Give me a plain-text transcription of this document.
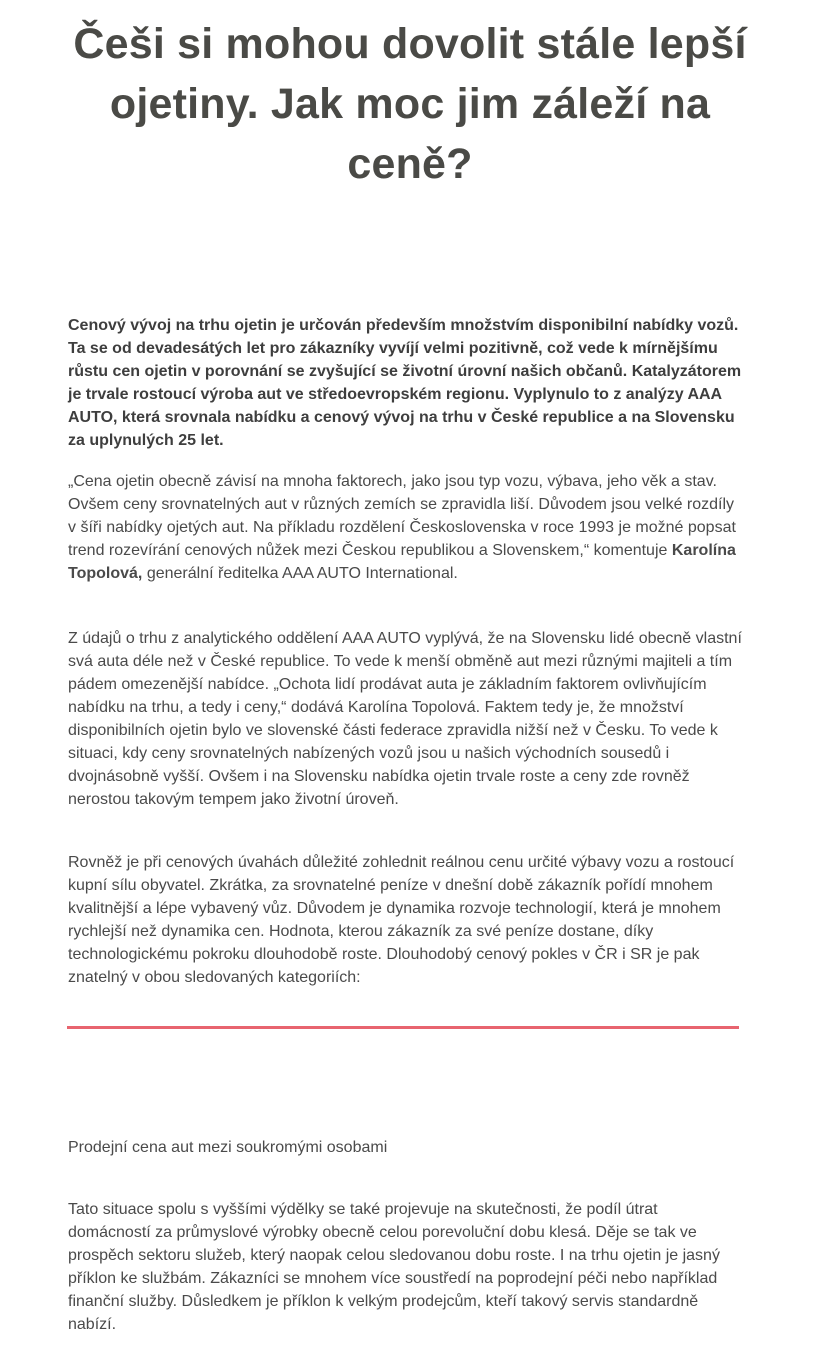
Češi si mohou dovolit stále lepší ojetiny. Jak moc jim záleží na ceně?

Cenový vývoj na trhu ojetin je určován především množstvím disponibilní nabídky vozů. Ta se od devadesátých let pro zákazníky vyvíjí velmi pozitivně, což vede k mírnějšímu růstu cen ojetin v porovnání se zvyšující se životní úrovní našich občanů. Katalyzátorem je trvale rostoucí výroba aut ve středoevropském regionu. Vyplynulo to z analýzy AAA AUTO, která srovnala nabídku a cenový vývoj na trhu v České republice a na Slovensku za uplynulých 25 let.

„Cena ojetin obecně závisí na mnoha faktorech, jako jsou typ vozu, výbava, jeho věk a stav. Ovšem ceny srovnatelných aut v různých zemích se zpravidla liší. Důvodem jsou velké rozdíly v šíři nabídky ojetých aut. Na příkladu rozdělení Československa v roce 1993 je možné popsat trend rozevírání cenových nůžek mezi Českou republikou a Slovenskem,“ komentuje Karolína Topolová, generální ředitelka AAA AUTO International.

Z údajů o trhu z analytického oddělení AAA AUTO vyplývá, že na Slovensku lidé obecně vlastní svá auta déle než v České republice. To vede k menší obměně aut mezi různými majiteli a tím pádem omezenější nabídce. „Ochota lidí prodávat auta je základním faktorem ovlivňujícím nabídku na trhu, a tedy i ceny,“ dodává Karolína Topolová. Faktem tedy je, že množství disponibilních ojetin bylo ve slovenské části federace zpravidla nižší než v Česku. To vede k situaci, kdy ceny srovnatelných nabízených vozů jsou u našich východních sousedů i dvojnásobně vyšší. Ovšem i na Slovensku nabídka ojetin trvale roste a ceny zde rovněž nerostou takovým tempem jako životní úroveň.

Rovněž je při cenových úvahách důležité zohlednit reálnou cenu určité výbavy vozu a rostoucí kupní sílu obyvatel. Zkrátka, za srovnatelné peníze v dnešní době zákazník pořídí mnohem kvalitnější a lépe vybavený vůz. Důvodem je dynamika rozvoje technologií, která je mnohem rychlejší než dynamika cen. Hodnota, kterou zákazník za své peníze dostane, díky technologickému pokroku dlouhodobě roste. Dlouhodobý cenový pokles v ČR i SR je pak znatelný v obou sledovaných kategoriích:

Prodejní cena aut mezi soukromými osobami

Tato situace spolu s vyššími výdělky se také projevuje na skutečnosti, že podíl útrat domácností za průmyslové výrobky obecně celou porevoluční dobu klesá. Děje se tak ve prospěch sektoru služeb, který naopak celou sledovanou dobu roste. I na trhu ojetin je jasný příklon ke službám. Zákazníci se mnohem více soustředí na poprodejní péči nebo například finanční služby. Důsledkem je příklon k velkým prodejcům, kteří takový servis standardně nabízí.
